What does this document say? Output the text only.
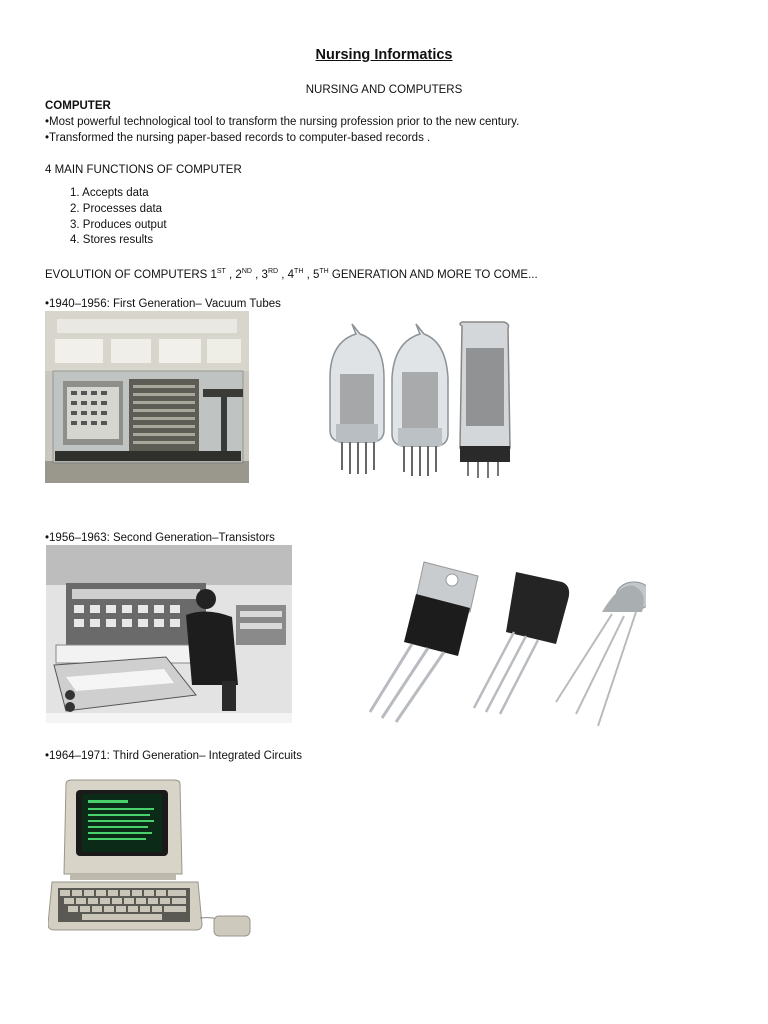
Nursing Informatics
NURSING AND COMPUTERS
COMPUTER
•Most powerful technological tool to transform the nursing profession prior to the new century.
•Transformed the nursing paper-based records to computer-based records .
4 MAIN FUNCTIONS OF COMPUTER
1. Accepts data
2. Processes data
3. Produces output
4. Stores results
EVOLUTION OF COMPUTERS 1ST , 2ND , 3RD , 4TH , 5TH GENERATION AND MORE TO COME...
•1940–1956: First Generation– Vacuum Tubes
•1956–1963: Second Generation–Transistors
•1964–1971: Third Generation– Integrated Circuits
